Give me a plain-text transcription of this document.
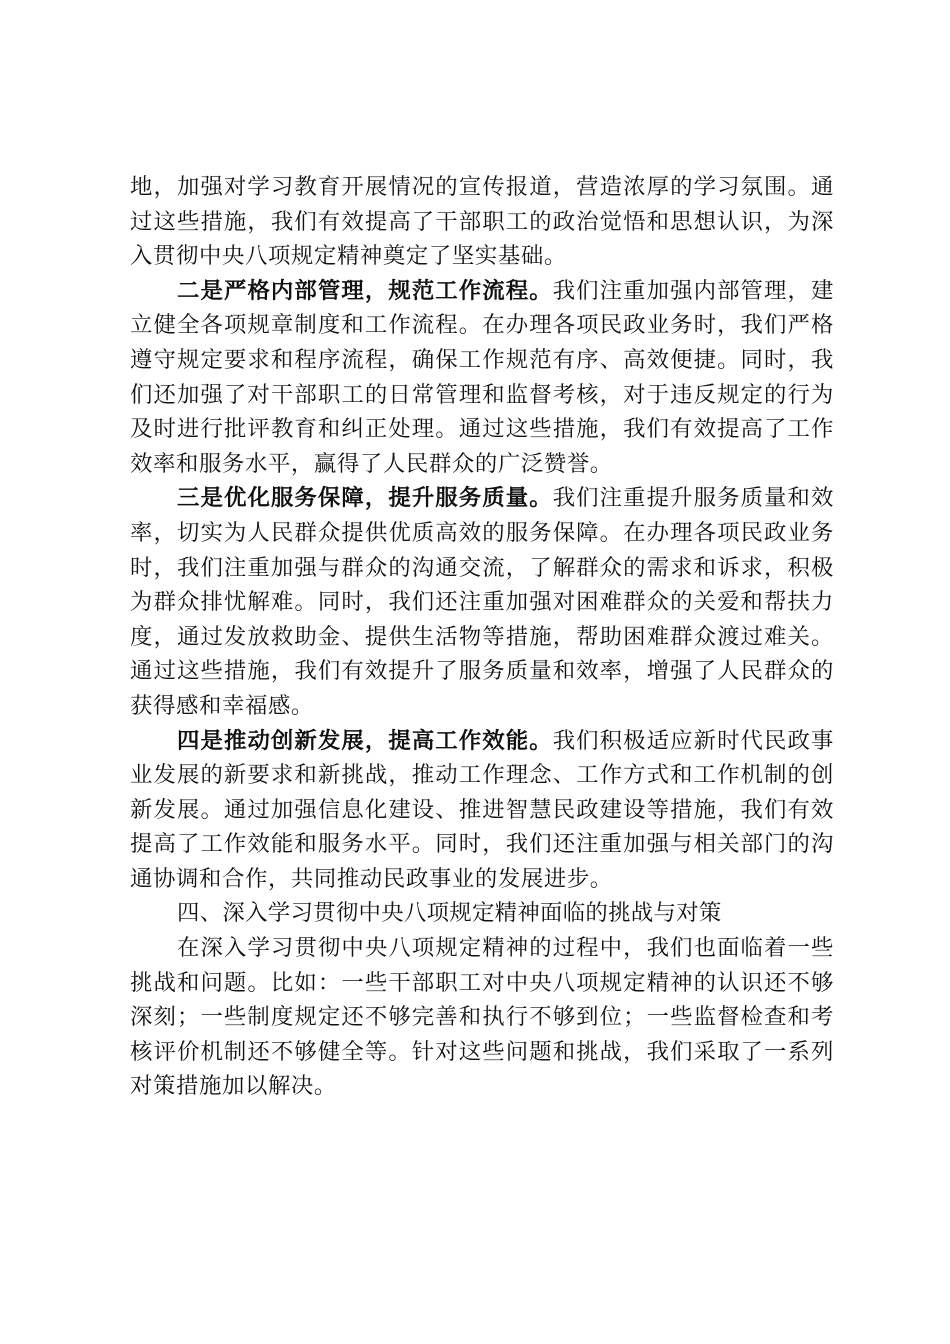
地，加强对学习教育开展情况的宣传报道，营造浓厚的学习氛围。通过这些措施，我们有效提高了干部职工的政治觉悟和思想认识，为深入贯彻中央八项规定精神奠定了坚实基础。

二是严格内部管理，规范工作流程。我们注重加强内部管理，建立健全各项规章制度和工作流程。在办理各项民政业务时，我们严格遵守规定要求和程序流程，确保工作规范有序、高效便捷。同时，我们还加强了对干部职工的日常管理和监督考核，对于违反规定的行为及时进行批评教育和纠正处理。通过这些措施，我们有效提高了工作效率和服务水平，赢得了人民群众的广泛赞誉。

三是优化服务保障，提升服务质量。我们注重提升服务质量和效率，切实为人民群众提供优质高效的服务保障。在办理各项民政业务时，我们注重加强与群众的沟通交流，了解群众的需求和诉求，积极为群众排忧解难。同时，我们还注重加强对困难群众的关爱和帮扶力度，通过发放救助金、提供生活物等措施，帮助困难群众渡过难关。通过这些措施，我们有效提升了服务质量和效率，增强了人民群众的获得感和幸福感。

四是推动创新发展，提高工作效能。我们积极适应新时代民政事业发展的新要求和新挑战，推动工作理念、工作方式和工作机制的创新发展。通过加强信息化建设、推进智慧民政建设等措施，我们有效提高了工作效能和服务水平。同时，我们还注重加强与相关部门的沟通协调和合作，共同推动民政事业的发展进步。

四、深入学习贯彻中央八项规定精神面临的挑战与对策

在深入学习贯彻中央八项规定精神的过程中，我们也面临着一些挑战和问题。比如：一些干部职工对中央八项规定精神的认识还不够深刻；一些制度规定还不够完善和执行不够到位；一些监督检查和考核评价机制还不够健全等。针对这些问题和挑战，我们采取了一系列对策措施加以解决。
